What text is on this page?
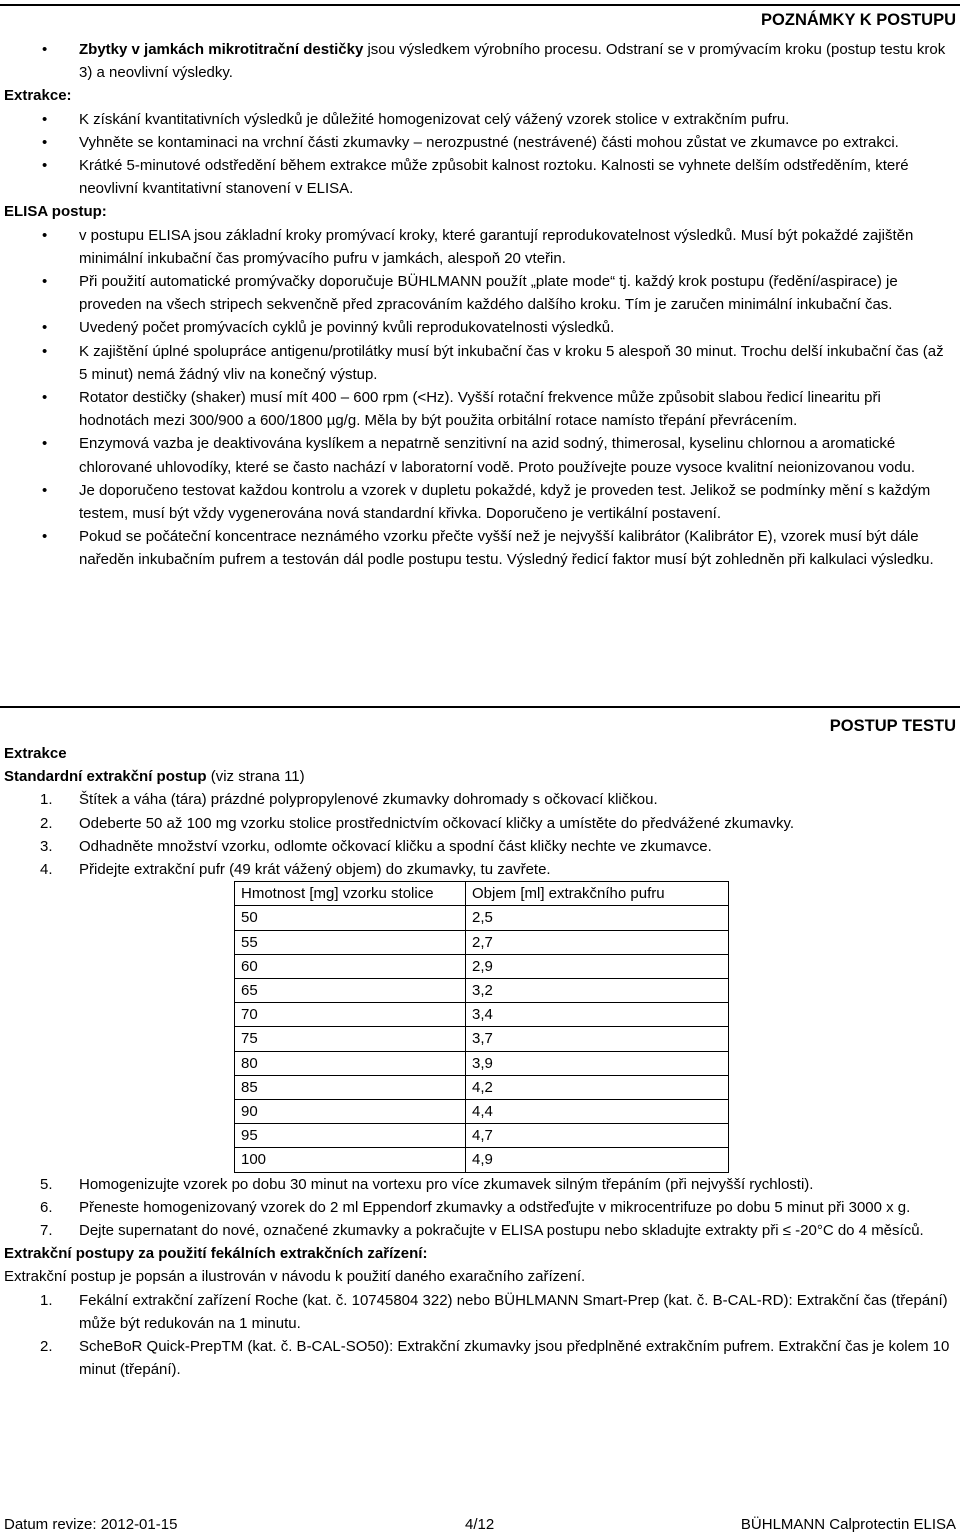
POZNÁMKY K POSTUPU
• Zbytky v jamkách mikrotitrační destičky jsou výsledkem výrobního procesu. Odstraní se v promývacím kroku (postup testu krok 3) a neovlivní výsledky.
Extrakce:
• K získání kvantitativních výsledků je důležité homogenizovat celý vážený vzorek stolice v extrakčním pufru.
• Vyhněte se kontaminaci na vrchní části zkumavky – nerozpustné (nestrávené) části mohou zůstat ve zkumavce po extrakci.
• Krátké 5-minutové odstředění během extrakce může způsobit kalnost roztoku. Kalnosti se vyhnete delším odstředěním, které neovlivní kvantitativní stanovení v ELISA.
ELISA postup:
• v postupu ELISA jsou základní kroky promývací kroky, které garantují reprodukovatelnost výsledků. Musí být pokaždé zajištěn minimální inkubační čas promývacího pufru v jamkách, alespoň 20 vteřin.
• Při použití automatické promývačky doporučuje BÜHLMANN použít „plate mode“ tj. každý krok postupu (ředění/aspirace) je proveden na všech stripech sekvenčně před zpracováním každého dalšího kroku. Tím je zaručen minimální inkubační čas.
• Uvedený počet promývacích cyklů je povinný kvůli reprodukovatelnosti výsledků.
• K zajištění úplné spolupráce antigenu/protilátky musí být inkubační čas v kroku 5 alespoň 30 minut. Trochu delší inkubační čas (až 5 minut) nemá žádný vliv na konečný výstup.
• Rotator destičky (shaker) musí mít 400 – 600 rpm (<Hz). Vyšší rotační frekvence může způsobit slabou ředicí linearitu při hodnotách mezi 300/900 a 600/1800 µg/g. Měla by být použita orbitální rotace namísto třepání převrácením.
• Enzymová vazba je deaktivována kyslíkem a nepatrně senzitivní na azid sodný, thimerosal, kyselinu chlornou a aromatické chlorované uhlovodíky, které se často nachází v laboratorní vodě. Proto používejte pouze vysoce kvalitní neionizovanou vodu.
• Je doporučeno testovat každou kontrolu a vzorek v dupletu pokaždé, když je proveden test. Jelikož se podmínky mění s každým testem, musí být vždy vygenerována nová standardní křivka. Doporučeno je vertikální postavení.
• Pokud se počáteční koncentrace neznámého vzorku přečte vyšší než je nejvyšší kalibrátor (Kalibrátor E), vzorek musí být dále naředěn inkubačním pufrem a testován dál podle postupu testu. Výsledný ředicí faktor musí být zohledněn při kalkulaci výsledku.
POSTUP TESTU
Extrakce
Standardní extrakční postup (viz strana 11)
1. Štítek a váha (tára) prázdné polypropylenové zkumavky dohromady s očkovací kličkou.
2. Odeberte 50 až 100 mg vzorku stolice prostřednictvím očkovací kličky a umístěte do předvážené zkumavky.
3. Odhadněte množství vzorku, odlomte očkovací kličku a spodní část kličky nechte ve zkumavce.
4. Přidejte extrakční pufr (49 krát vážený objem) do zkumavky, tu zavřete.
Hmotnost [mg] vzorku stolice	Objem [ml] extrakčního pufru
50	2,5
55	2,7
60	2,9
65	3,2
70	3,4
75	3,7
80	3,9
85	4,2
90	4,4
95	4,7
100	4,9
5. Homogenizujte vzorek po dobu 30 minut na vortexu pro více zkumavek silným třepáním (při nejvyšší rychlosti).
6. Přeneste homogenizovaný vzorek do 2 ml Eppendorf zkumavky a odstřeďujte v mikrocentrifuze po dobu 5 minut při 3000 x g.
7. Dejte supernatant do nové, označené zkumavky a pokračujte v ELISA postupu nebo skladujte extrakty při ≤ -20°C do 4 měsíců.
Extrakční postupy za použití fekálních extrakčních zařízení:
Extrakční postup je popsán a ilustrován v návodu k použití daného exaračního zařízení.
1. Fekální extrakční zařízení Roche (kat. č. 10745804 322) nebo BÜHLMANN Smart-Prep (kat. č. B-CAL-RD): Extrakční čas (třepání) může být redukován na 1 minutu.
2. ScheBoR Quick-PrepTM (kat. č. B-CAL-SO50): Extrakční zkumavky jsou předplněné extrakčním pufrem. Extrakční čas je kolem 10 minut (třepání).
Datum revize: 2012-01-15	4/12	BÜHLMANN Calprotectin ELISA
